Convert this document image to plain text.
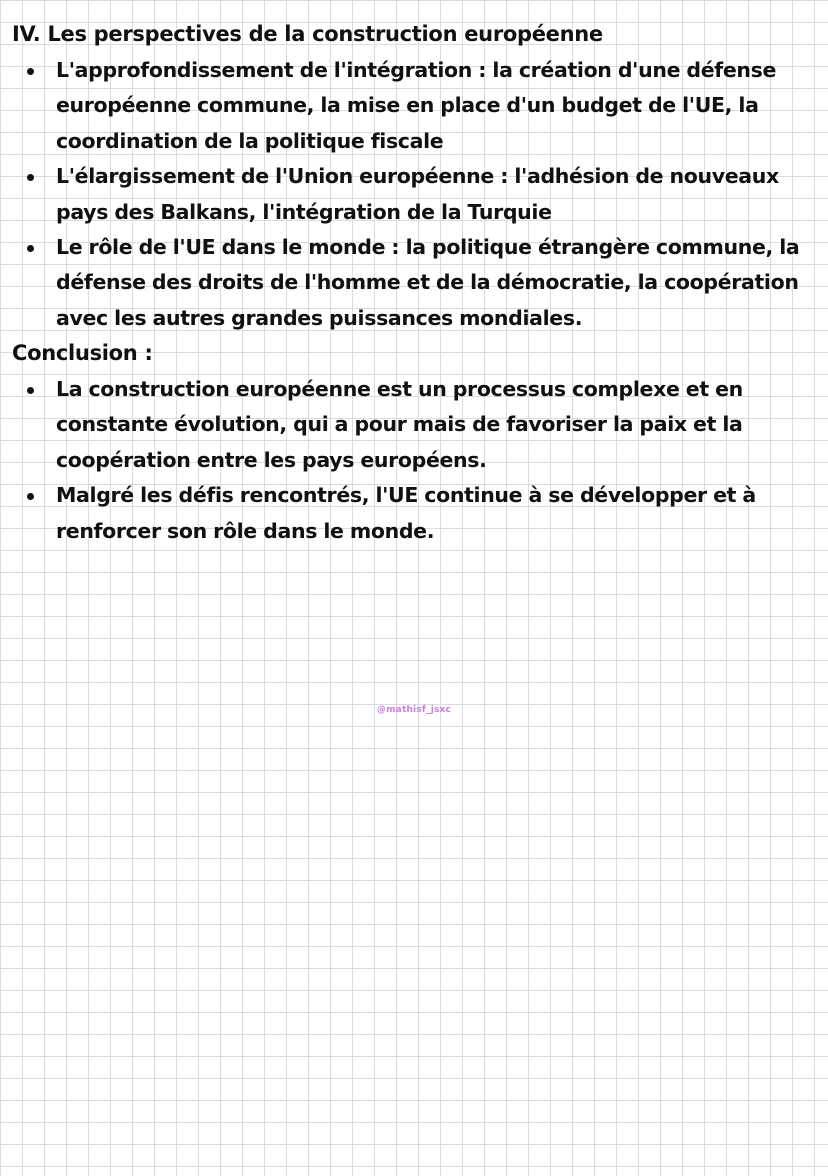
IV. Les perspectives de la construction européenne
L'approfondissement de l'intégration : la création d'une défense européenne commune, la mise en place d'un budget de l'UE, la coordination de la politique fiscale
L'élargissement de l'Union européenne : l'adhésion de nouveaux pays des Balkans, l'intégration de la Turquie
Le rôle de l'UE dans le monde : la politique étrangère commune, la défense des droits de l'homme et de la démocratie, la coopération avec les autres grandes puissances mondiales.
Conclusion :
La construction européenne est un processus complexe et en constante évolution, qui a pour mais de favoriser la paix et la coopération entre les pays européens.
Malgré les défis rencontrés, l'UE continue à se développer et à renforcer son rôle dans le monde.
@mathisf_jsxc
